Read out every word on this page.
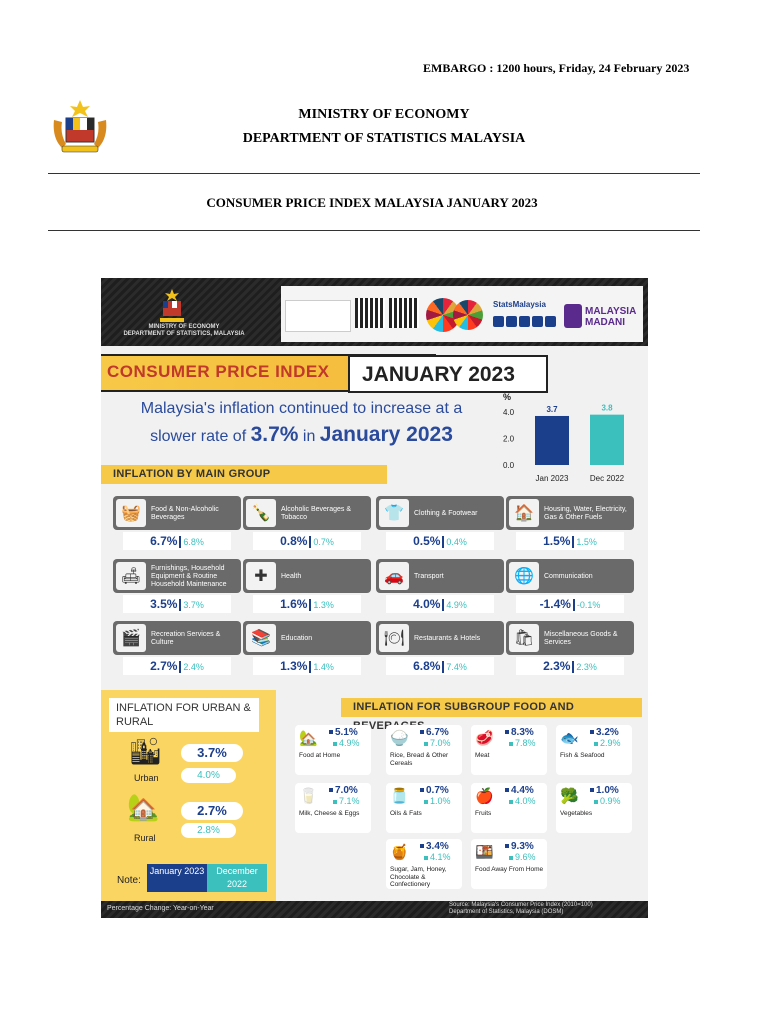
EMBARGO : 1200 hours, Friday, 24 February 2023
MINISTRY OF ECONOMY
DEPARTMENT OF STATISTICS MALAYSIA
CONSUMER PRICE INDEX MALAYSIA JANUARY 2023
MINISTRY OF ECONOMY
DEPARTMENT OF STATISTICS, MALAYSIA
StatsMalaysia
MALAYSIA
MADANI
CONSUMER PRICE INDEX	JANUARY 2023
Malaysia's inflation continued to increase at a
slower rate of 3.7% in January 2023
%
4.0
2.0
0.0
3.7
Jan 2023
3.8
Dec 2022
INFLATION BY MAIN GROUP
🧺	Food & Non-Alcoholic Beverages
6.7% 6.8%
🍾	Alcoholic Beverages & Tobacco
0.8% 0.7%
👕	Clothing & Footwear
0.5% 0.4%
🏠	Housing, Water, Electricity, Gas & Other Fuels
1.5% 1.5%
🛋	Furnishings, Household Equipment & Routine Household Maintenance
3.5% 3.7%
✚	Health
1.6% 1.3%
🚗	Transport
4.0% 4.9%
🌐	Communication
-1.4% -0.1%
🎬	Recreation Services & Culture
2.7% 2.4%
📚	Education
1.3% 1.4%
🍽	Restaurants & Hotels
6.8% 7.4%
🛍	Miscellaneous Goods & Services
2.3% 2.3%
INFLATION FOR URBAN & RURAL
🏙
Urban
3.7%
4.0%
🏡
Rural
2.7%
2.8%
Note:
January 2023	December 2022
INFLATION FOR SUBGROUP FOOD AND
🏡	5.1%
4.9%
Food at Home
🍚	6.7%
7.0%
Rice, Bread & Other Cereals
🥩	8.3%
7.8%
Meat
🐟	3.2%
2.9%
Fish & Seafood
🥛	7.0%
7.1%
Milk, Cheese & Eggs
🫙	0.7%
1.0%
Oils & Fats
🍎	4.4%
4.0%
Fruits
🥦	1.0%
0.9%
Vegetables
🍯	3.4%
4.1%
Sugar, Jam, Honey, Chocolate & Confectionery
🍱	9.3%
9.6%
Food Away From Home
Percentage Change: Year-on-Year	Source: Malaysia's Consumer Price Index (2010=100)
Department of Statistics, Malaysia (DOSM)
